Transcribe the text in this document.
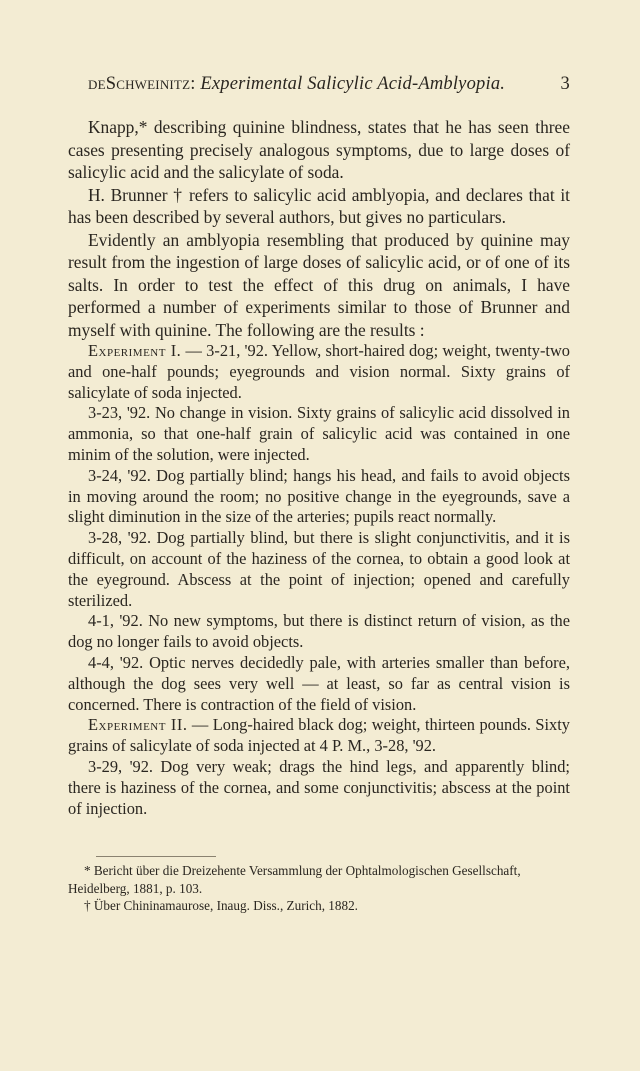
deSchweinitz: Experimental Salicylic Acid-Amblyopia.	3

Knapp,* describing quinine blindness, states that he has seen three cases presenting precisely analogous symptoms, due to large doses of salicylic acid and the salicylate of soda.

H. Brunner † refers to salicylic acid amblyopia, and declares that it has been described by several authors, but gives no particulars.

Evidently an amblyopia resembling that produced by quinine may result from the ingestion of large doses of salicylic acid, or of one of its salts. In order to test the effect of this drug on animals, I have performed a number of experiments similar to those of Brunner and myself with quinine. The following are the results :

Experiment I. — 3-21, '92. Yellow, short-haired dog; weight, twenty-two and one-half pounds; eyegrounds and vision normal. Sixty grains of salicylate of soda injected.

3-23, '92. No change in vision. Sixty grains of salicylic acid dissolved in ammonia, so that one-half grain of salicylic acid was contained in one minim of the solution, were injected.

3-24, '92. Dog partially blind; hangs his head, and fails to avoid objects in moving around the room; no positive change in the eyegrounds, save a slight diminution in the size of the arteries; pupils react normally.

3-28, '92. Dog partially blind, but there is slight conjunctivitis, and it is difficult, on account of the haziness of the cornea, to obtain a good look at the eyeground. Abscess at the point of injection; opened and carefully sterilized.

4-1, '92. No new symptoms, but there is distinct return of vision, as the dog no longer fails to avoid objects.

4-4, '92. Optic nerves decidedly pale, with arteries smaller than before, although the dog sees very well — at least, so far as central vision is concerned. There is contraction of the field of vision.

Experiment II. — Long-haired black dog; weight, thirteen pounds. Sixty grains of salicylate of soda injected at 4 P. M., 3-28, '92.

3-29, '92. Dog very weak; drags the hind legs, and apparently blind; there is haziness of the cornea, and some conjunctivitis; abscess at the point of injection.

* Bericht über die Dreizehente Versammlung der Ophtalmologischen Gesellschaft, Heidelberg, 1881, p. 103.

† Über Chininamaurose, Inaug. Diss., Zurich, 1882.
